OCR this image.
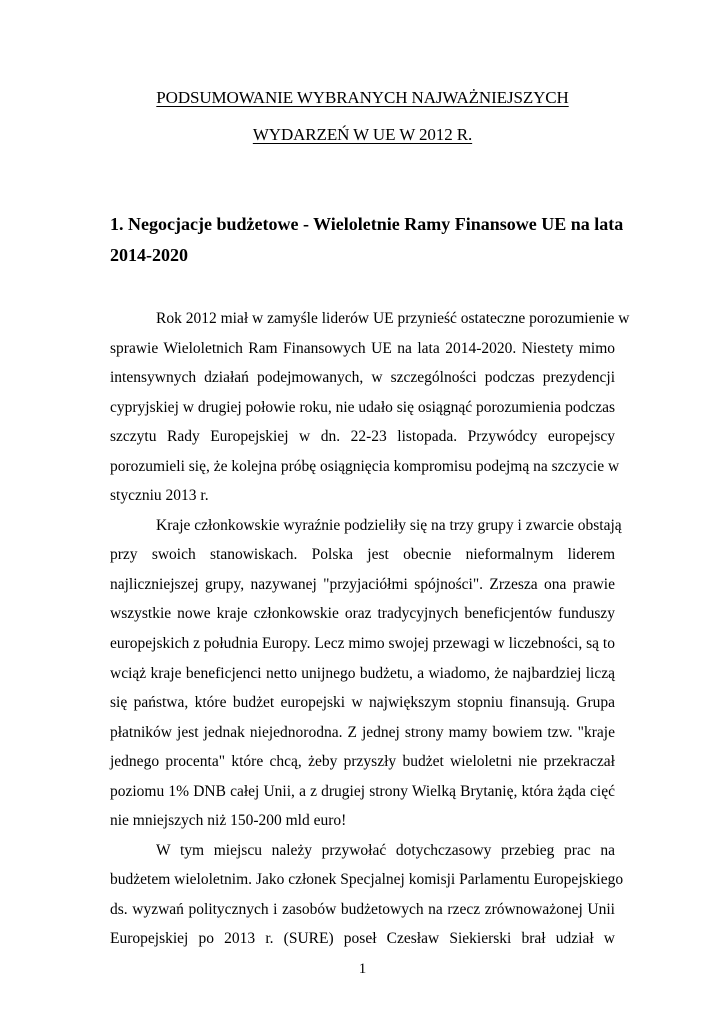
PODSUMOWANIE WYBRANYCH NAJWAŻNIEJSZYCH
WYDARZEŃ W UE W 2012 R.
1. Negocjacje budżetowe - Wieloletnie Ramy Finansowe UE na lata
2014-2020
Rok 2012 miał w zamyśle liderów UE przynieść ostateczne porozumienie w
sprawie Wieloletnich Ram Finansowych UE na lata 2014-2020. Niestety mimo
intensywnych działań podejmowanych, w szczególności podczas prezydencji
cypryjskiej w drugiej połowie roku, nie udało się osiągnąć porozumienia podczas
szczytu Rady Europejskiej w dn. 22-23 listopada. Przywódcy europejscy
porozumieli się, że kolejna próbę osiągnięcia kompromisu podejmą na szczycie w
styczniu 2013 r.
Kraje członkowskie wyraźnie podzieliły się na trzy grupy i zwarcie obstają
przy swoich stanowiskach. Polska jest obecnie nieformalnym liderem
najliczniejszej grupy, nazywanej "przyjaciółmi spójności". Zrzesza ona prawie
wszystkie nowe kraje członkowskie oraz tradycyjnych beneficjentów funduszy
europejskich z południa Europy. Lecz mimo swojej przewagi w liczebności, są to
wciąż kraje beneficjenci netto unijnego budżetu, a wiadomo, że najbardziej liczą
się państwa, które budżet europejski w największym stopniu finansują. Grupa
płatników jest jednak niejednorodna. Z jednej strony mamy bowiem tzw. "kraje
jednego procenta" które chcą, żeby przyszły budżet wieloletni nie przekraczał
poziomu 1% DNB całej Unii, a z drugiej strony Wielką Brytanię, która żąda cięć
nie mniejszych niż 150-200 mld euro!
W tym miejscu należy przywołać dotychczasowy przebieg prac na
budżetem wieloletnim. Jako członek Specjalnej komisji Parlamentu Europejskiego
ds. wyzwań politycznych i zasobów budżetowych na rzecz zrównoważonej Unii
Europejskiej po 2013 r. (SURE) poseł Czesław Siekierski brał udział w
1
